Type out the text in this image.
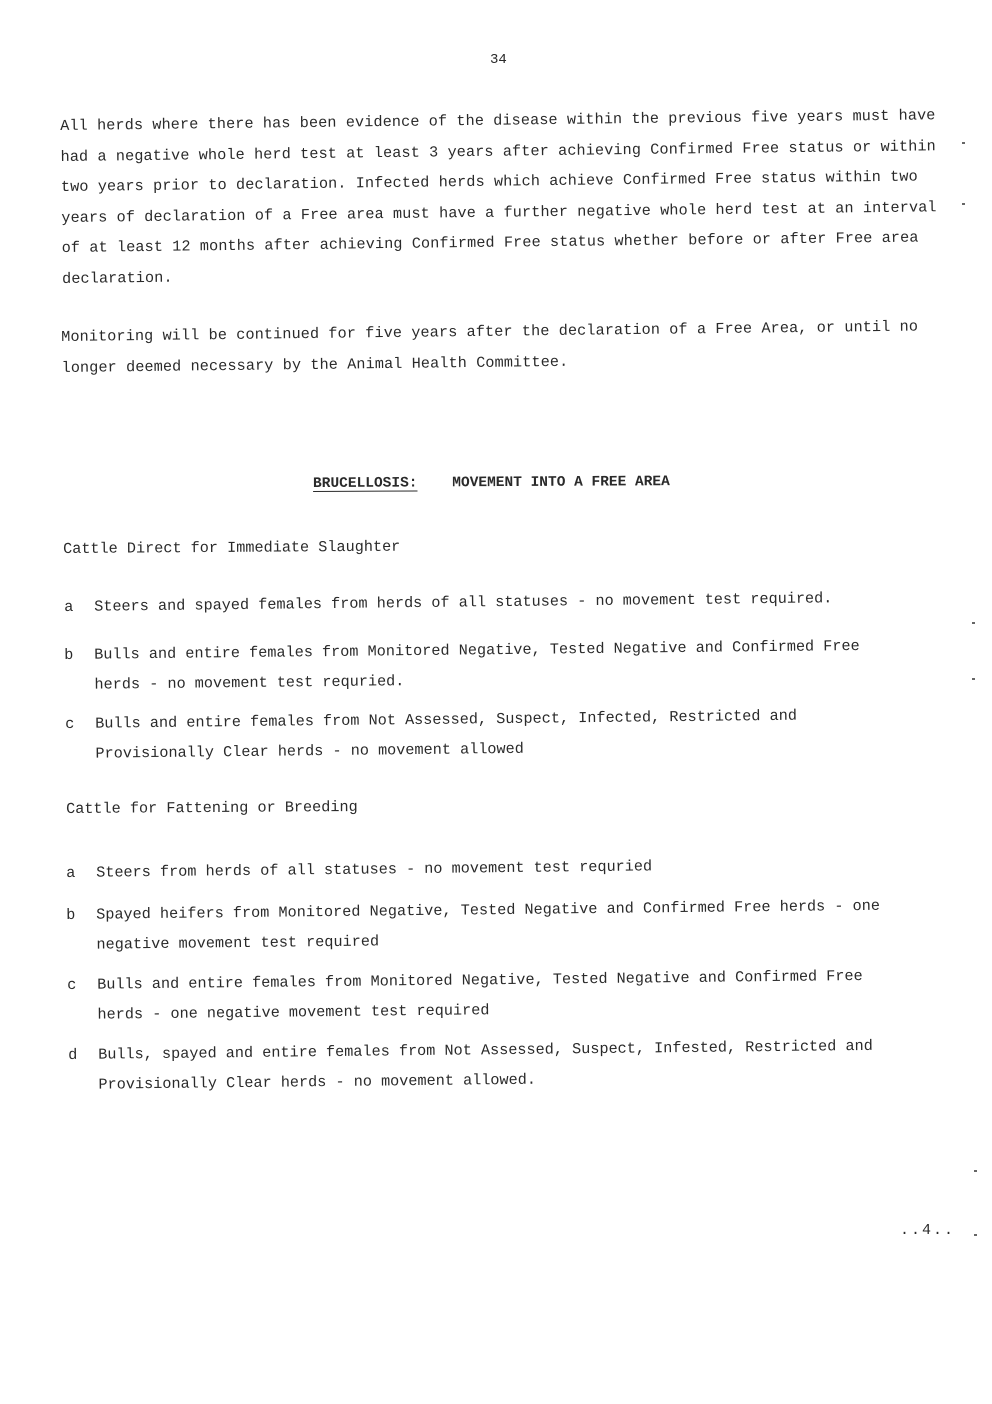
34
All herds where there has been evidence of the disease within the previous five years must have had a negative whole herd test at least 3 years after achieving Confirmed Free status or within two years prior to declaration. Infected herds which achieve Confirmed Free status within two years of declaration of a Free area must have a further negative whole herd test at an interval of at least 12 months after achieving Confirmed Free status whether before or after Free area declaration.
Monitoring will be continued for five years after the declaration of a Free Area, or until no longer deemed necessary by the Animal Health Committee.
BRUCELLOSIS: MOVEMENT INTO A FREE AREA
Cattle Direct for Immediate Slaughter
a Steers and spayed females from herds of all statuses - no movement test required.
b Bulls and entire females from Monitored Negative, Tested Negative and Confirmed Free herds - no movement test requried.
c Bulls and entire females from Not Assessed, Suspect, Infected, Restricted and Provisionally Clear herds - no movement allowed
Cattle for Fattening or Breeding
a Steers from herds of all statuses - no movement test requried
b Spayed heifers from Monitored Negative, Tested Negative and Confirmed Free herds - one negative movement test required
c Bulls and entire females from Monitored Negative, Tested Negative and Confirmed Free herds - one negative movement test required
d Bulls, spayed and entire females from Not Assessed, Suspect, Infested, Restricted and Provisionally Clear herds - no movement allowed.
..4..
